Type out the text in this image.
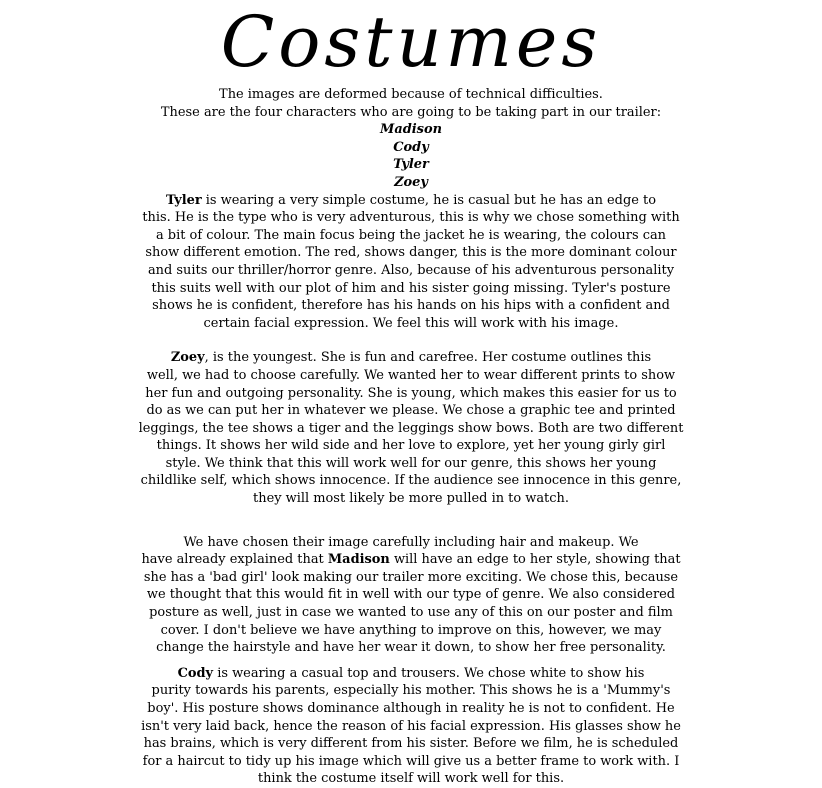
Costumes
The images are deformed because of technical difficulties.
These are the four characters who are going to be taking part in our trailer:
Madison
Cody
Tyler
Zoey
Tyler is wearing a very simple costume, he is casual but he has an edge to
this. He is the type who is very adventurous, this is why we chose something with
a bit of colour. The main focus being the jacket he is wearing, the colours can
show different emotion. The red, shows danger, this is the more dominant colour
and suits our thriller/horror genre. Also, because of his adventurous personality
this suits well with our plot of him and his sister going missing. Tyler's posture
shows he is confident, therefore has his hands on his hips with a confident and
certain facial expression. We feel this will work with his image.
Zoey, is the youngest. She is fun and carefree. Her costume outlines this
well, we had to choose carefully. We wanted her to wear different prints to show
her fun and outgoing personality. She is young, which makes this easier for us to
do as we can put her in whatever we please. We chose a graphic tee and printed
leggings, the tee shows a tiger and the leggings show bows. Both are two different
things. It shows her wild side and her love to explore, yet her young girly girl
style. We think that this will work well for our genre, this shows her young
childlike self, which shows innocence. If the audience see innocence in this genre,
they will most likely be more pulled in to watch.
We have chosen their image carefully including hair and makeup. We
have already explained that Madison will have an edge to her style, showing that
she has a 'bad girl' look making our trailer more exciting. We chose this, because
we thought that this would fit in well with our type of genre. We also considered
posture as well, just in case we wanted to use any of this on our poster and film
cover. I don't believe we have anything to improve on this, however, we may
change the hairstyle and have her wear it down, to show her free personality.
Cody is wearing a casual top and trousers. We chose white to show his
purity towards his parents, especially his mother. This shows he is a 'Mummy's
boy'. His posture shows dominance although in reality he is not to confident. He
isn't very laid back, hence the reason of his facial expression. His glasses show he
has brains, which is very different from his sister. Before we film, he is scheduled
for a haircut to tidy up his image which will give us a better frame to work with. I
think the costume itself will work well for this.
